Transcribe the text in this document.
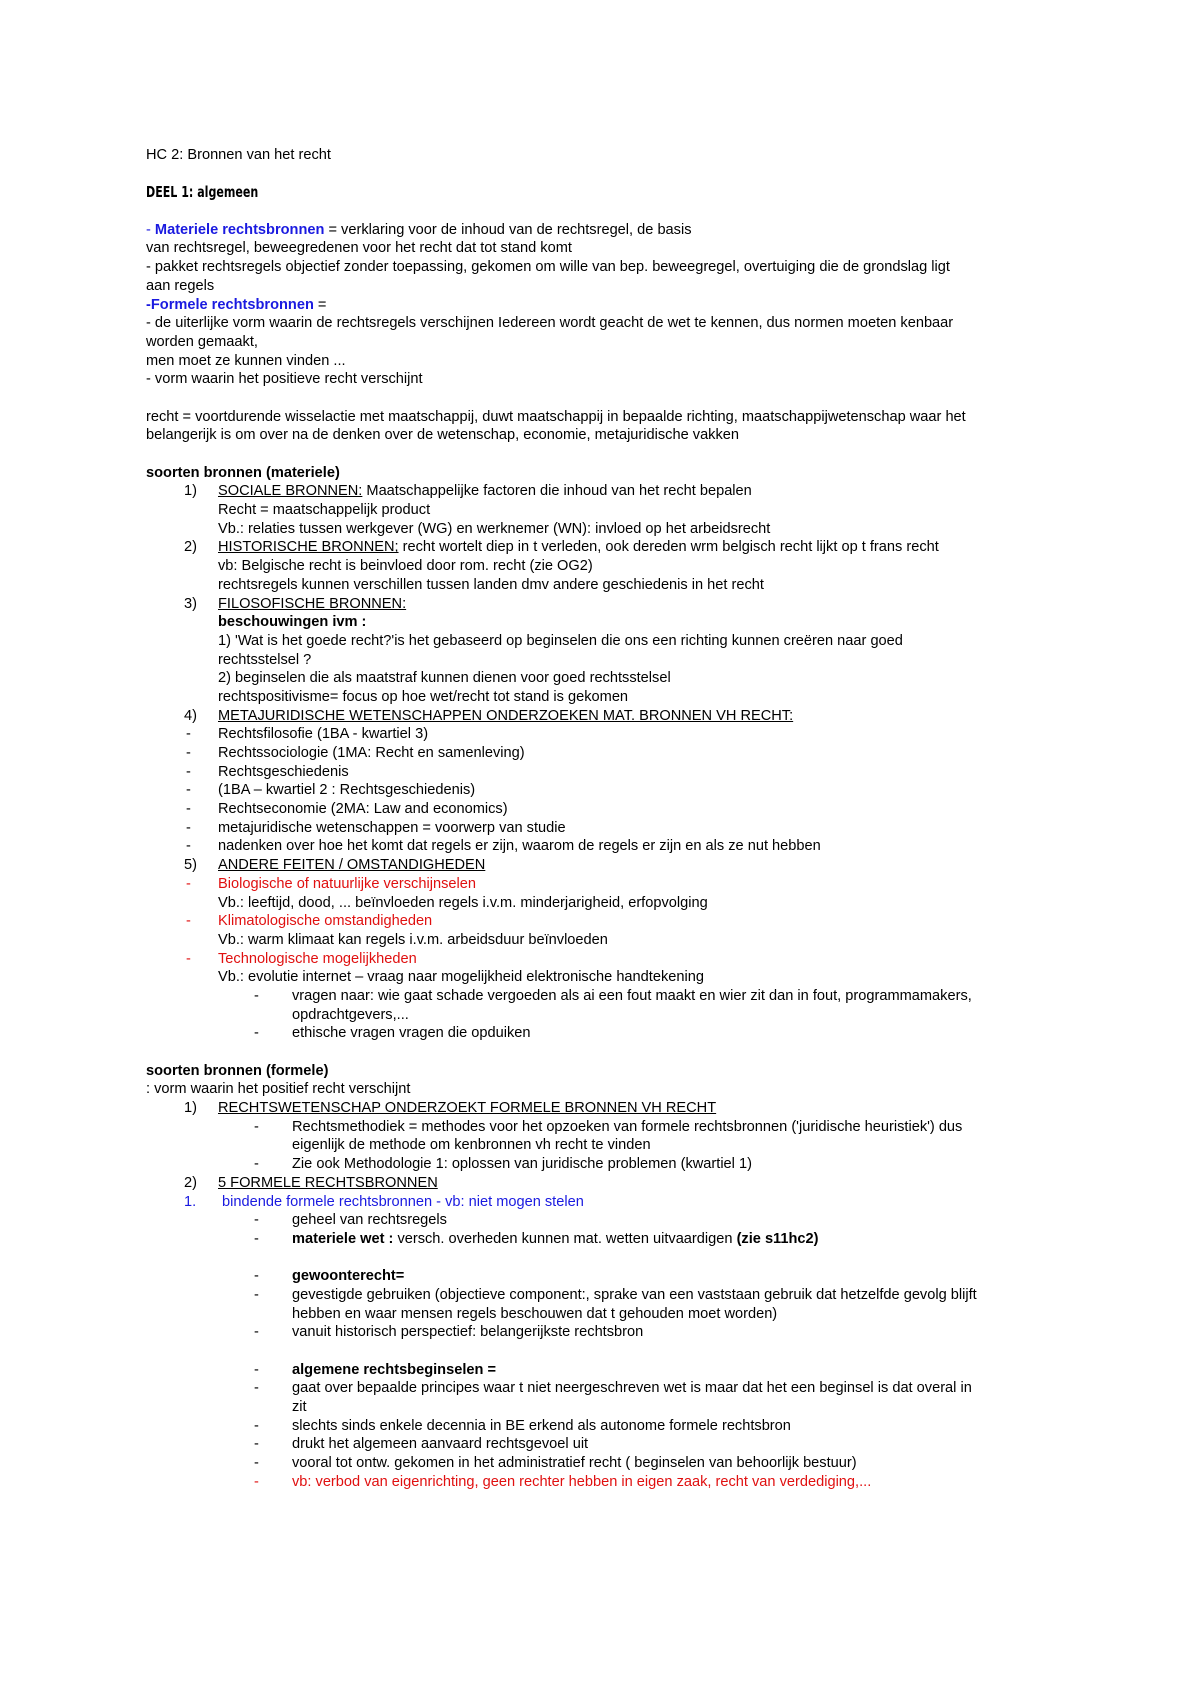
HC 2: Bronnen van het recht
DEEL 1: algemeen
- Materiele rechtsbronnen = verklaring voor de inhoud van de rechtsregel, de basis
van rechtsregel, beweegredenen voor het recht dat tot stand komt
- pakket rechtsregels objectief zonder toepassing, gekomen om wille van bep. beweegregel, overtuiging die de grondslag ligt
aan regels
-Formele rechtsbronnen =
- de uiterlijke vorm waarin de rechtsregels verschijnen Iedereen wordt geacht de wet te kennen, dus normen moeten kenbaar
worden gemaakt,
men moet ze kunnen vinden ...
- vorm waarin het positieve recht verschijnt
recht = voortdurende wisselactie met maatschappij, duwt maatschappij in bepaalde richting, maatschappijwetenschap waar het
belangerijk is om over na de denken over de wetenschap, economie, metajuridische vakken
soorten bronnen (materiele)
1) SOCIALE BRONNEN: Maatschappelijke factoren die inhoud van het recht bepalen
Recht = maatschappelijk product
Vb.: relaties tussen werkgever (WG) en werknemer (WN): invloed op het arbeidsrecht
2) HISTORISCHE BRONNEN; recht wortelt diep in t verleden, ook dereden wrm belgisch recht lijkt op t frans recht
vb: Belgische recht is beinvloed door rom. recht (zie OG2)
rechtsregels kunnen verschillen tussen landen dmv andere geschiedenis in het recht
3) FILOSOFISCHE BRONNEN:
beschouwingen ivm :
1) 'Wat is het goede recht?'is het gebaseerd op beginselen die ons een richting kunnen creëren naar goed
rechtsstelsel ?
2) beginselen die als maatstraf kunnen dienen voor goed rechtsstelsel
rechtspositivisme= focus op hoe wet/recht tot stand is gekomen
4) METAJURIDISCHE WETENSCHAPPEN ONDERZOEKEN MAT. BRONNEN VH RECHT:
- Rechtsfilosofie (1BA - kwartiel 3)
- Rechtssociologie (1MA: Recht en samenleving)
- Rechtsgeschiedenis
- (1BA – kwartiel 2 : Rechtsgeschiedenis)
- Rechtseconomie (2MA: Law and economics)
- metajuridische wetenschappen = voorwerp van studie
- nadenken over hoe het komt dat regels er zijn, waarom de regels er zijn en als ze nut hebben
5) ANDERE FEITEN / OMSTANDIGHEDEN
- Biologische of natuurlijke verschijnselen
Vb.: leeftijd, dood, ... beïnvloeden regels i.v.m. minderjarigheid, erfopvolging
- Klimatologische omstandigheden
Vb.: warm klimaat kan regels i.v.m. arbeidsduur beïnvloeden
- Technologische mogelijkheden
Vb.: evolutie internet – vraag naar mogelijkheid elektronische handtekening
- vragen naar: wie gaat schade vergoeden als ai een fout maakt en wier zit dan in fout, programmamakers,
opdrachtgevers,...
- ethische vragen vragen die opduiken
soorten bronnen (formele)
: vorm waarin het positief recht verschijnt
1) RECHTSWETENSCHAP ONDERZOEKT FORMELE BRONNEN VH RECHT
- Rechtsmethodiek = methodes voor het opzoeken van formele rechtsbronnen ('juridische heuristiek') dus
eigenlijk de methode om kenbronnen vh recht te vinden
- Zie ook Methodologie 1: oplossen van juridische problemen (kwartiel 1)
2) 5 FORMELE RECHTSBRONNEN
1. bindende formele rechtsbronnen - vb: niet mogen stelen
- geheel van rechtsregels
- materiele wet : versch. overheden kunnen mat. wetten uitvaardigen (zie s11hc2)
- gewoonterecht=
- gevestigde gebruiken (objectieve component:, sprake van een vaststaan gebruik dat hetzelfde gevolg blijft
hebben en waar mensen regels beschouwen dat t gehouden moet worden)
- vanuit historisch perspectief: belangerijkste rechtsbron
- algemene rechtsbeginselen =
- gaat over bepaalde principes waar t niet neergeschreven wet is maar dat het een beginsel is dat overal in
zit
- slechts sinds enkele decennia in BE erkend als autonome formele rechtsbron
- drukt het algemeen aanvaard rechtsgevoel uit
- vooral tot ontw. gekomen in het administratief recht ( beginselen van behoorlijk bestuur)
- vb: verbod van eigenrichting, geen rechter hebben in eigen zaak, recht van verdediging,...
